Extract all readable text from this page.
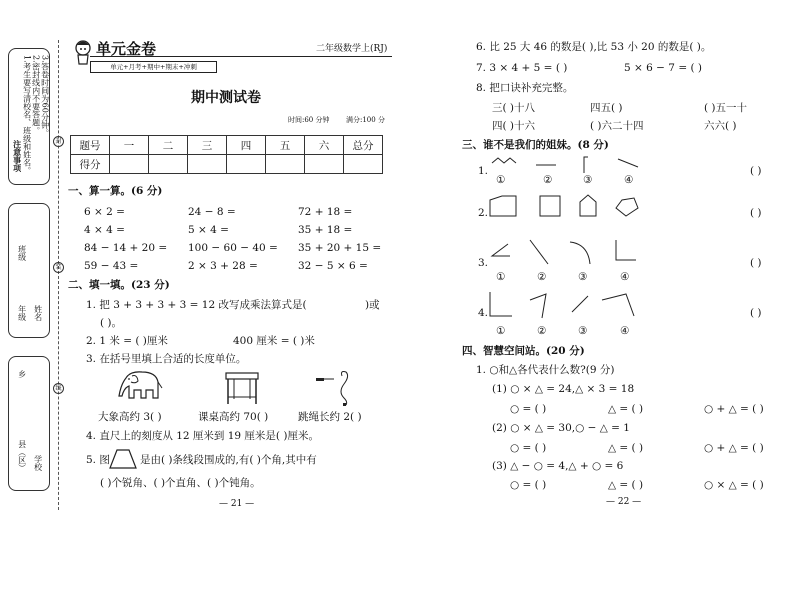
注意事项 1.考生要写清校名、班级和姓名。 2.密封线内不要答题。 3.答卷时间为60分钟。
班级
年级 姓名
乡
县（区） 学校
封
装
线
单元金卷
单元+月考+期中+期末+冲刺
二年级数学上(RJ)
期中测试卷
时间:60 分钟 满分:100 分
题号	一	二	三	四	五	六	总分
得分							
一、算一算。(6 分)
6 × 2 =	24 − 8 =	72 + 18 =
4 × 4 =	5 × 4 =	35 + 18 =
84 − 14 + 20 = 100 − 60 − 40 = 35 + 20 + 15 =
59 − 43 =	2 × 3 + 28 =	32 − 5 × 6 =
二、填一填。(23 分)
1. 把 3 + 3 + 3 + 3 = 12 改写成乘法算式是(	)或
( )。
2. 1 米 = ( )厘米	400 厘米 = ( )米
3. 在括号里填上合适的长度单位。
大象高约 3( )	课桌高约 70( )	跳绳长约 2( )
4. 直尺上的刻度从 12 厘米到 19 厘米是( )厘米。
5. 图	是由( )条线段围成的,有( )个角,其中有
( )个锐角、( )个直角、( )个钝角。
— 21 —
6. 比 25 大 46 的数是( ),比 53 小 20 的数是( )。
7. 3 × 4 + 5 = ( )	5 × 6 − 7 = ( )
8. 把口诀补充完整。
三( )十八	四五( )	( )五一十
四( )十六	( )六二十四	六六( )
三、谁不是我们的姐妹。(8 分)
1.
①	②	③	④
( )
2.	( )
3.
①	②	③	④
( )
4.
①	②	③	④
( )
四、智慧空间站。(20 分)
1. ○和△各代表什么数?(9 分)
(1) ○ × △ = 24,△ × 3 = 18
○ = ( )	△ = ( )	○ + △ = ( )
(2) ○ × △ = 30,○ − △ = 1
○ = ( )	△ = ( )	○ + △ = ( )
(3) △ − ○ = 4,△ + ○ = 6
○ = ( )	△ = ( )	○ × △ = ( )
— 22 —
